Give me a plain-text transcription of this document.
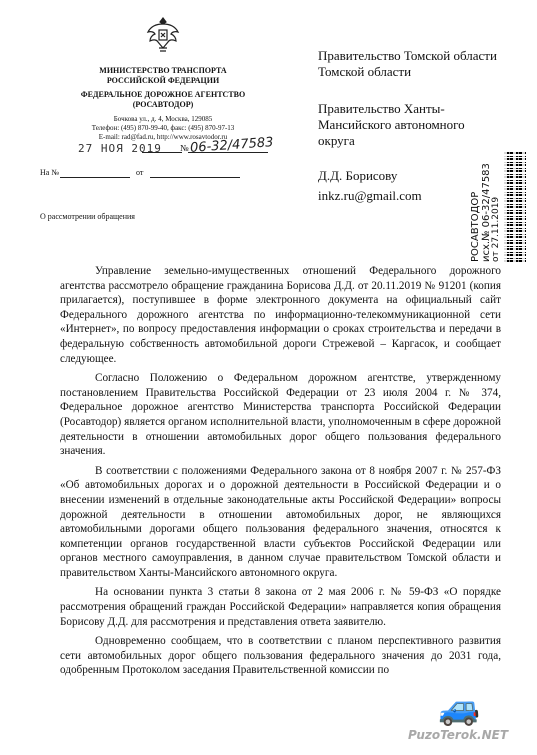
МИНИСТЕРСТВО ТРАНСПОРТА
РОССИЙСКОЙ ФЕДЕРАЦИИ
ФЕДЕРАЛЬНОЕ ДОРОЖНОЕ АГЕНТСТВО
(РОСАВТОДОР)
Бочкова ул., д. 4, Москва, 129085
Телефон: (495) 870-99-40, факс: (495) 870-97-13
E-mail: rad@fad.ru, http://www.rosavtodor.ru
27 НОЯ 2019 № 06-32/47583
На №	от
О рассмотрении обращения
Правительство Томской области
Томской области
Правительство Ханты-
Мансийского автономного
округа
Д.Д. Борисову
inkz.ru@gmail.com	РОСАВТОДОР исх.№ 06-32/47583 от 27.11.2019

Управление земельно-имущественных отношений Федерального дорожного агентства рассмотрело обращение гражданина Борисова Д.Д. от 20.11.2019 № 91201 (копия прилагается), поступившее в форме электронного документа на официальный сайт Федерального дорожного агентства по информационно-телекоммуникационной сети «Интернет», по вопросу предоставления информации о сроках строительства и передачи в федеральную собственность автомобильной дороги Стрежевой – Каргасок, и сообщает следующее.

Согласно Положению о Федеральном дорожном агентстве, утвержденному постановлением Правительства Российской Федерации от 23 июля 2004 г. № 374, Федеральное дорожное агентство Министерства транспорта Российской Федерации (Росавтодор) является органом исполнительной власти, уполномоченным в сфере дорожной деятельности в отношении автомобильных дорог общего пользования федерального значения.

В соответствии с положениями Федерального закона от 8 ноября 2007 г. № 257-ФЗ «Об автомобильных дорогах и о дорожной деятельности в Российской Федерации и о внесении изменений в отдельные законодательные акты Российской Федерации» вопросы дорожной деятельности в отношении автомобильных дорог, не являющихся автомобильными дорогами общего пользования федерального значения, относятся к компетенции органов государственной власти субъектов Российской Федерации или органов местного самоуправления, в данном случае правительством Томской области и правительством Ханты-Мансийского автономного округа.

На основании пункта 3 статьи 8 закона от 2 мая 2006 г. № 59-ФЗ «О порядке рассмотрения обращений граждан Российской Федерации» направляется копия обращения Борисову Д.Д. для рассмотрения и представления ответа заявителю.

Одновременно сообщаем, что в соответствии с планом перспективного развития сети автомобильных дорог общего пользования федерального значения до 2031 года, одобренным Протоколом заседания Правительственной комиссии по

🚙
PuzoTerok.NET
